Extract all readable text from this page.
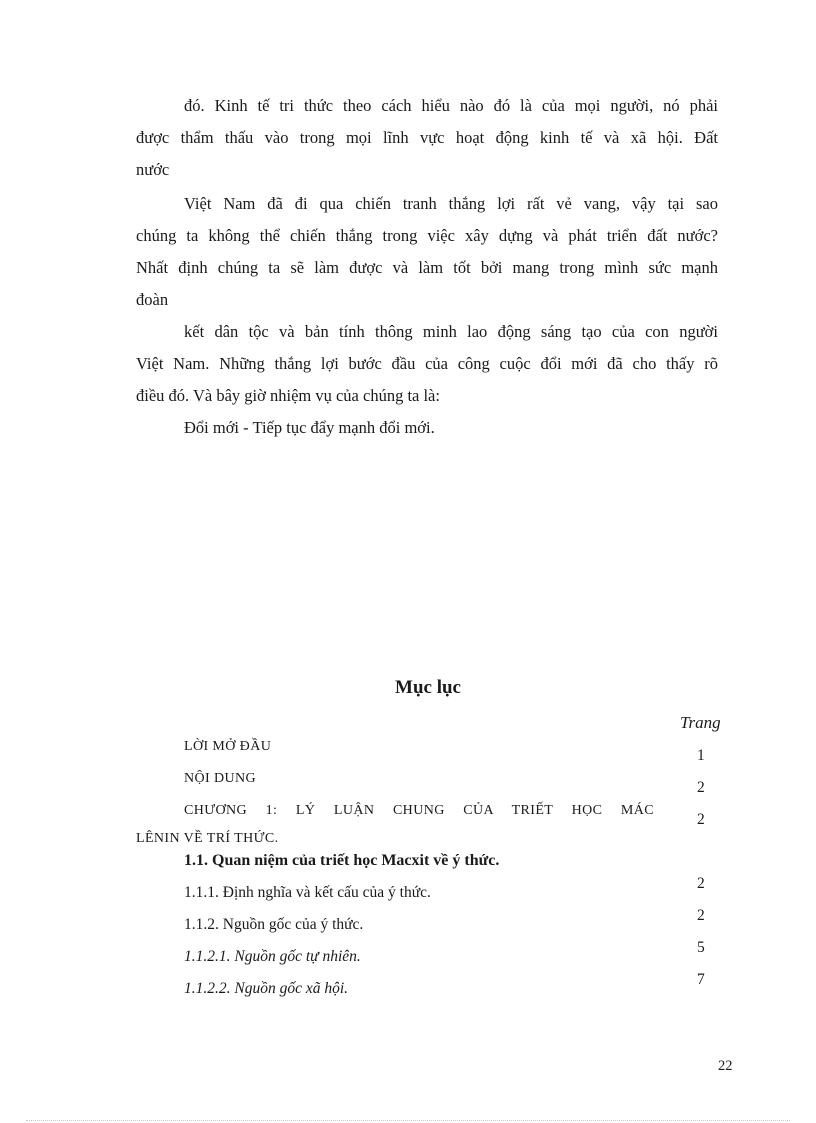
đó. Kinh tế tri thức theo cách hiểu nào đó là của mọi người, nó phải
được thẩm thấu vào trong mọi lĩnh vực hoạt động kinh tế và xã hội. Đất
nước
Việt Nam đã đi qua chiến tranh thắng lợi rất vẻ vang, vậy tại sao
chúng ta không thể chiến thắng trong việc xây dựng và phát triển đất nước?
Nhất định chúng ta sẽ làm được và làm tốt bởi mang trong mình sức mạnh
đoàn
kết dân tộc và bản tính thông minh lao động sáng tạo của con người
Việt Nam. Những thắng lợi bước đầu của công cuộc đổi mới đã cho thấy rõ
điều đó. Và bây giờ nhiệm vụ của chúng ta là:
Đổi mới - Tiếp tục đẩy mạnh đổi mới.
Mục lục
Trang
LỜI MỞ ĐẦU
NỘI DUNG
CHƯƠNG 1: LÝ LUẬN CHUNG CỦA TRIẾT HỌC MÁC
LÊNIN VỀ TRÍ THỨC.
1.1. Quan niệm của triết học Macxit về ý thức.
1.1.1. Định nghĩa và kết cấu của ý thức.
1.1.2. Nguồn gốc của ý thức.
1.1.2.1. Nguồn gốc tự nhiên.
1.1.2.2. Nguồn gốc xã hội.
1
2
2
2
2
5
7
22
